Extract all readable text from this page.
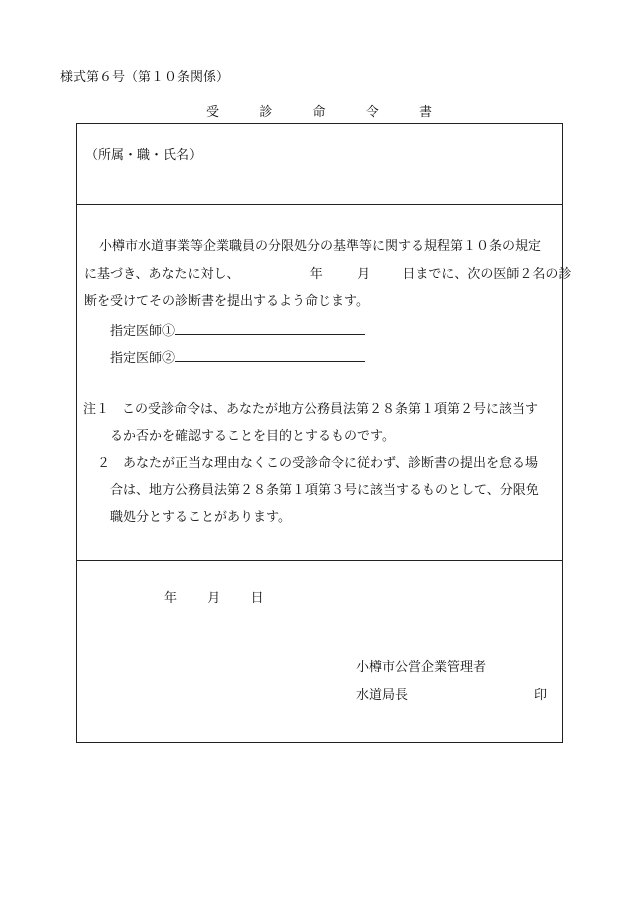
様式第６号（第１０条関係）
受	診	命	令	書
（所属・職・氏名）
小樽市水道事業等企業職員の分限処分の基準等に関する規程第１０条の規定
に基づき、あなたに対し、	年	月 日までに、次の医師２名の診
断を受けてその診断書を提出するよう命じます。
指定医師①
指定医師②
注１　この受診命令は、あなたが地方公務員法第２８条第１項第２号に該当す
るか否かを確認することを目的とするものです。
２　あなたが正当な理由なくこの受診命令に従わず、診断書の提出を怠る場
合は、地方公務員法第２８条第１項第３号に該当するものとして、分限免
職処分とすることがあります。
年 月 日
小樽市公営企業管理者
水道局長	印
